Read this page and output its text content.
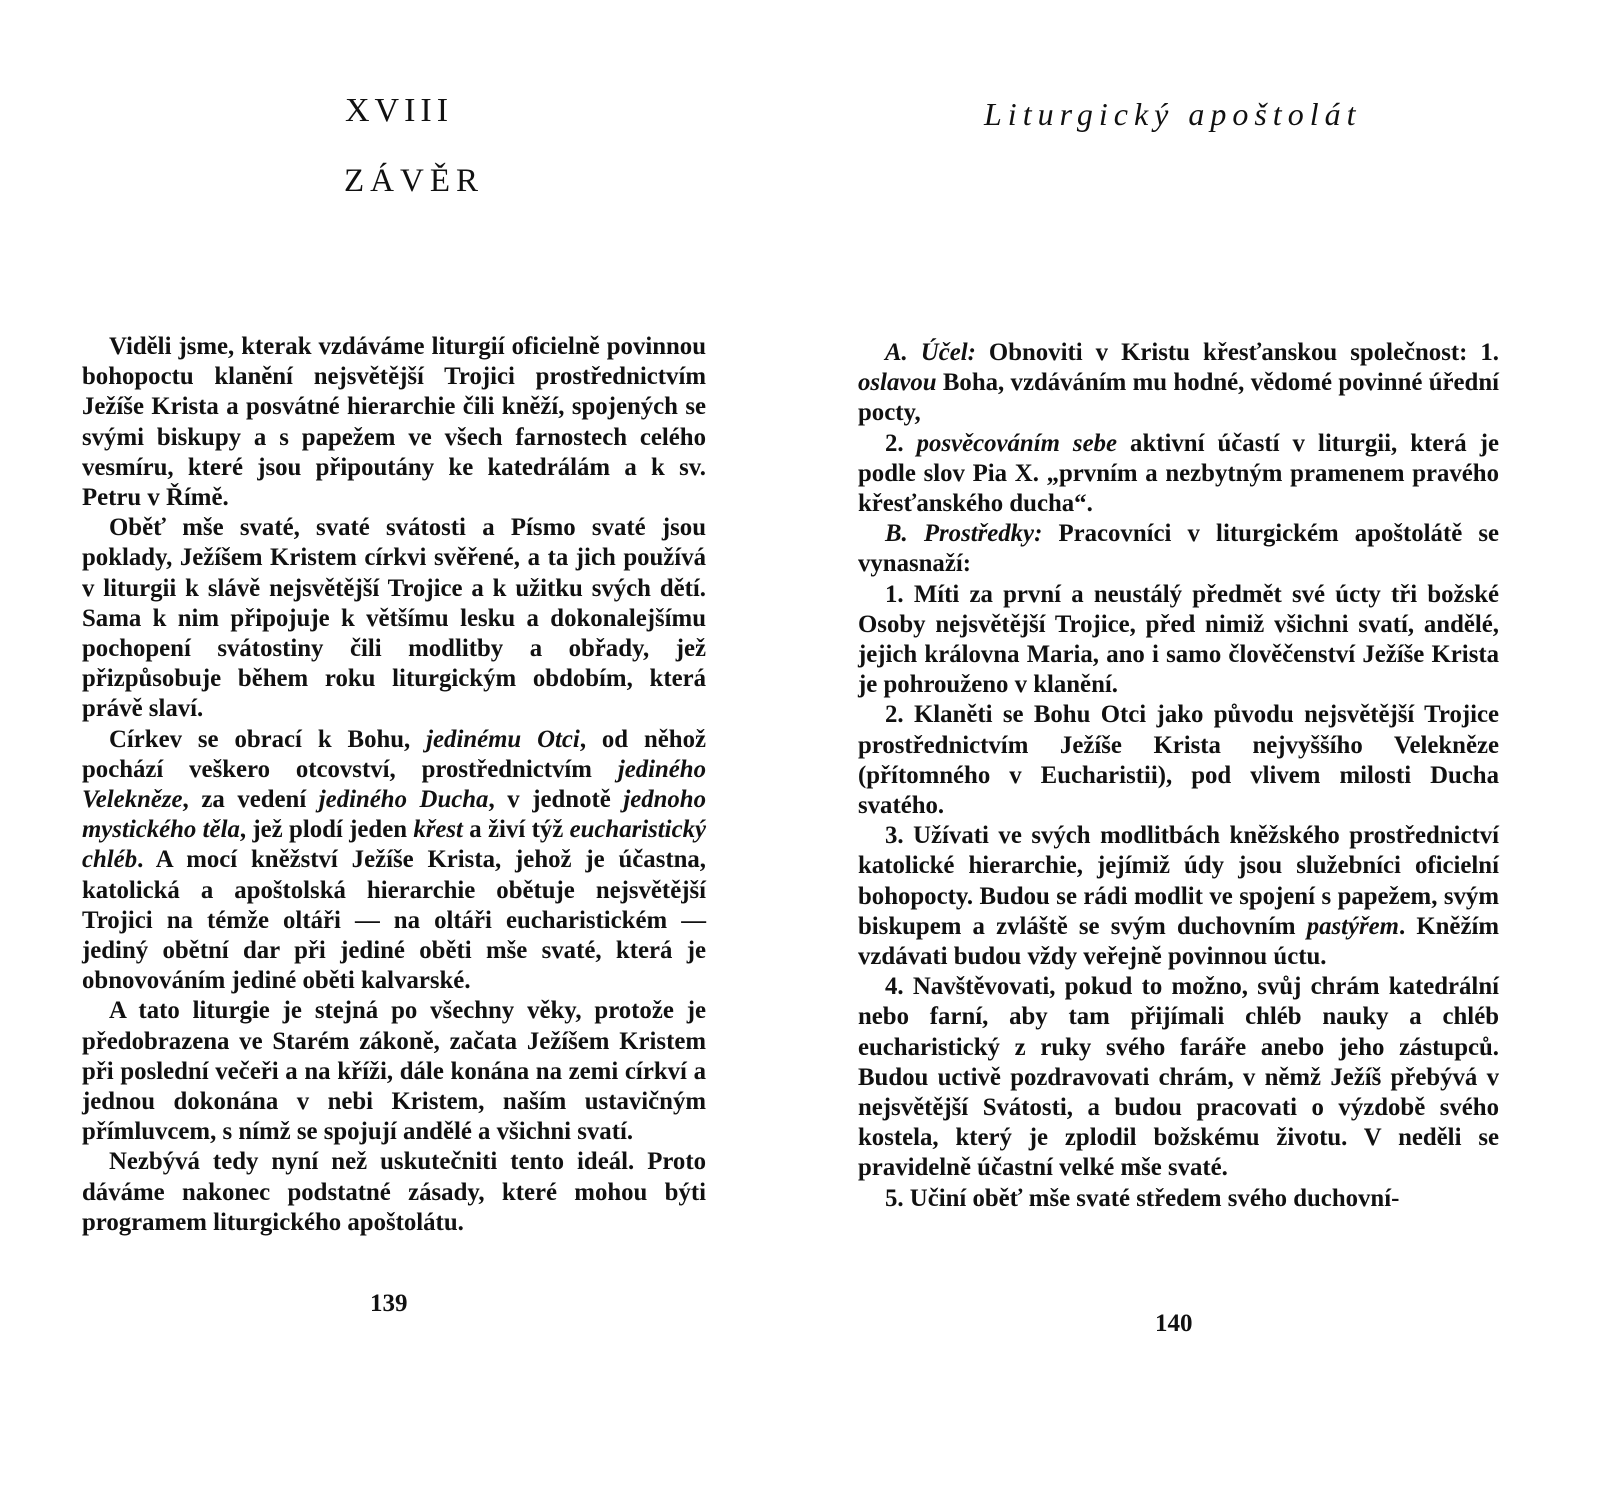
XVIII
ZÁVĚR

Viděli jsme, kterak vzdáváme liturgií oficielně povinnou bohopoctu klanění nejsvětější Trojici prostřednictvím Ježíše Krista a posvátné hierarchie čili kněží, spojených se svými biskupy a s papežem ve všech farnostech celého vesmíru, které jsou připoutány ke katedrálám a k sv. Petru v Římě.

Oběť mše svaté, svaté svátosti a Písmo svaté jsou poklady, Ježíšem Kristem církvi svěřené, a ta jich používá v liturgii k slávě nejsvětější Trojice a k užitku svých dětí. Sama k nim připojuje k většímu lesku a dokonalejšímu pochopení svátostiny čili modlitby a obřady, jež přizpůsobuje během roku liturgickým obdobím, která právě slaví.

Církev se obrací k Bohu, jedinému Otci, od něhož pochází veškero otcovství, prostřednictvím jediného Velekněze, za vedení jediného Ducha, v jednotě jednoho mystického těla, jež plodí jeden křest a živí týž eucharistický chléb. A mocí kněžství Ježíše Krista, jehož je účastna, katolická a apoštolská hierarchie obětuje nejsvětější Trojici na témže oltáři — na oltáři eucharistickém — jediný obětní dar při jediné oběti mše svaté, která je obnovováním jediné oběti kalvarské.

A tato liturgie je stejná po všechny věky, protože je předobrazena ve Starém zákoně, začata Ježíšem Kristem při poslední večeři a na kříži, dále konána na zemi církví a jednou dokonána v nebi Kristem, naším ustavičným přímluvcem, s nímž se spojují andělé a všichni svatí.

Nezbývá tedy nyní než uskutečniti tento ideál. Proto dáváme nakonec podstatné zásady, které mohou býti programem liturgického apoštolátu.

139
Liturgický apoštolát

A. Účel: Obnoviti v Kristu křesťanskou společnost: 1. oslavou Boha, vzdáváním mu hodné, vědomé povinné úřední pocty,

2. posvěcováním sebe aktivní účastí v liturgii, která je podle slov Pia X. „prvním a nezbytným pramenem pravého křesťanského ducha“.

B. Prostředky: Pracovníci v liturgickém apoštolátě se vynasnaží:

1. Míti za první a neustálý předmět své úcty tři božské Osoby nejsvětější Trojice, před nimiž všichni svatí, andělé, jejich královna Maria, ano i samo člověčenství Ježíše Krista je pohrouženo v klanění.

2. Klaněti se Bohu Otci jako původu nejsvětější Trojice prostřednictvím Ježíše Krista nejvyššího Velekněze (přítomného v Eucharistii), pod vlivem milosti Ducha svatého.

3. Užívati ve svých modlitbách kněžského prostřednictví katolické hierarchie, jejímiž údy jsou služebníci oficielní bohopocty. Budou se rádi modlit ve spojení s papežem, svým biskupem a zvláště se svým duchovním pastýřem. Kněžím vzdávati budou vždy veřejně povinnou úctu.

4. Navštěvovati, pokud to možno, svůj chrám katedrální nebo farní, aby tam přijímali chléb nauky a chléb eucharistický z ruky svého faráře anebo jeho zástupců. Budou uctivě pozdravovati chrám, v němž Ježíš přebývá v nejsvětější Svátosti, a budou pracovati o výzdobě svého kostela, který je zplodil božskému životu. V neděli se pravidelně účastní velké mše svaté.

5. Učiní oběť mše svaté středem svého duchovní-

140
